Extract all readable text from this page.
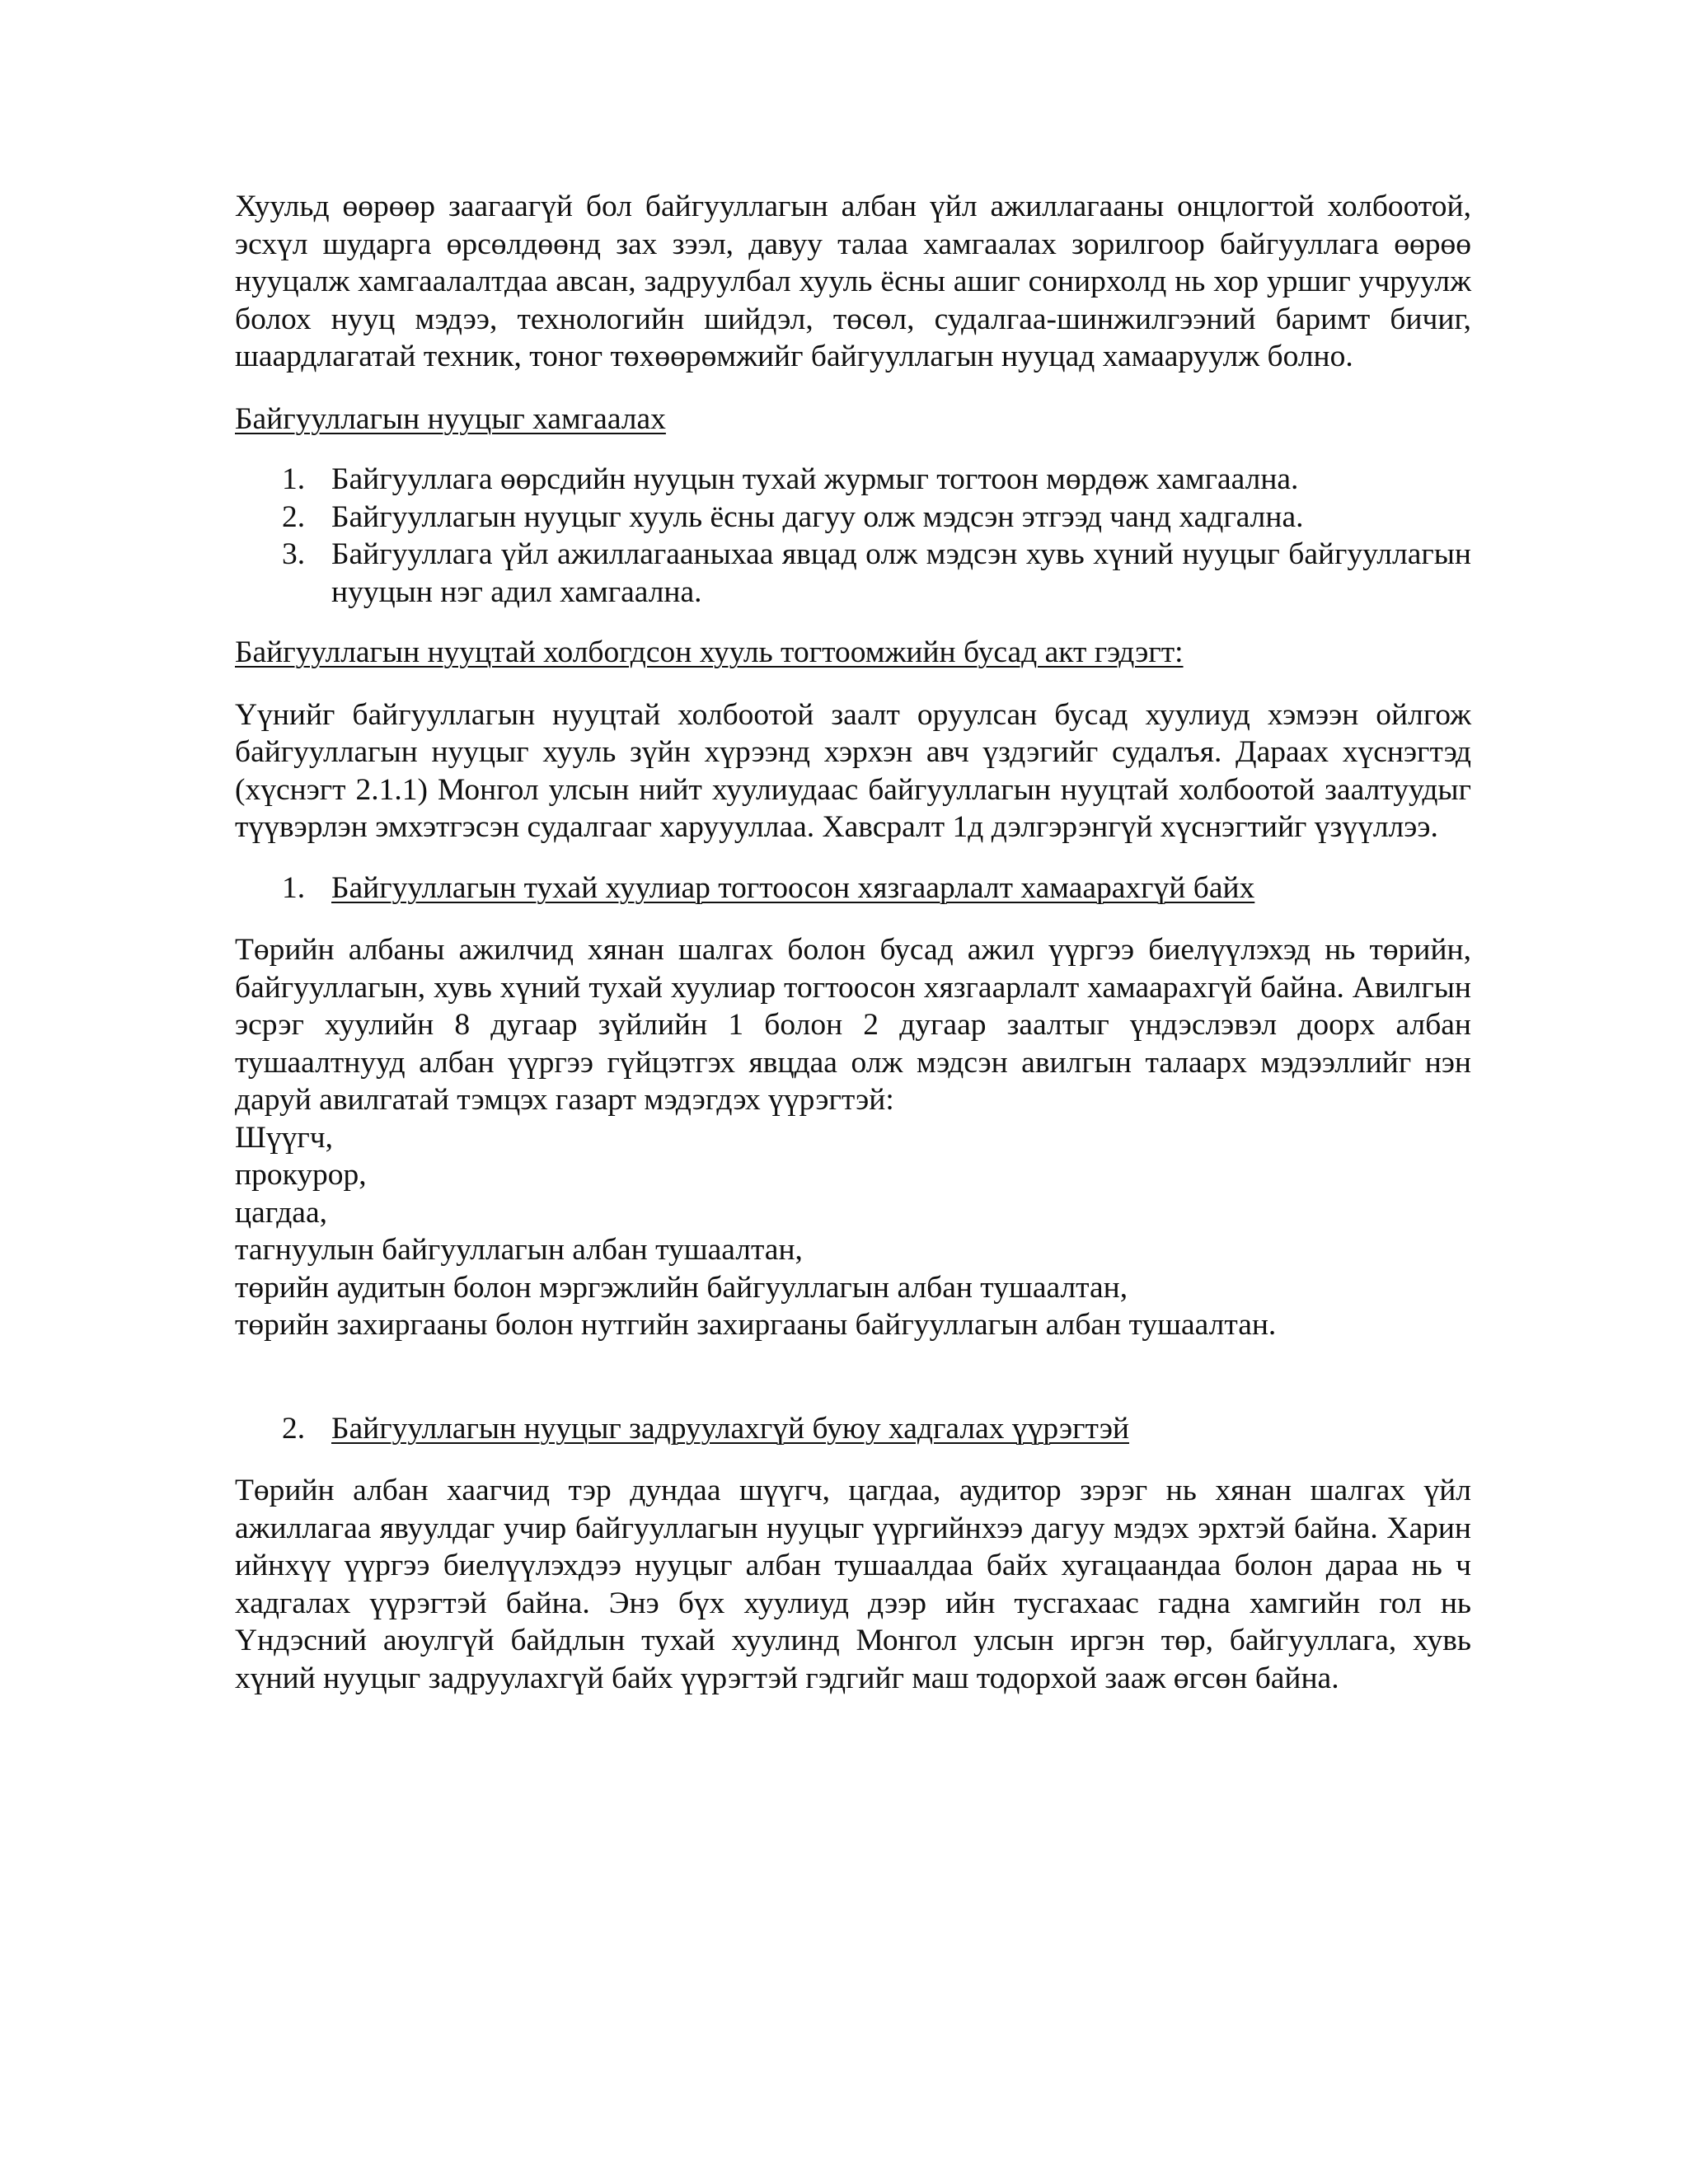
Хуульд өөрөөр заагаагүй бол байгууллагын албан үйл ажиллагааны онцлогтой холбоотой, эсхүл шударга өрсөлдөөнд зах зээл, давуу талаа хамгаалах зорилгоор байгууллага өөрөө нууцалж хамгаалалтдаа авсан, задруулбал хууль ёсны ашиг сонирхолд нь хор уршиг учруулж болох нууц мэдээ, технологийн шийдэл, төсөл, судалгаа-шинжилгээний баримт бичиг, шаардлагатай техник, тоног төхөөрөмжийг байгууллагын нууцад хамааруулж болно.

Байгууллагын нууцыг хамгаалах

1. Байгууллага өөрсдийн нууцын тухай журмыг тогтоон мөрдөж хамгаална.
2. Байгууллагын нууцыг хууль ёсны дагуу олж мэдсэн этгээд чанд хадгална.
3. Байгууллага үйл ажиллагааныхаа явцад олж мэдсэн хувь хүний нууцыг байгууллагын нууцын нэг адил хамгаална.

Байгууллагын нууцтай холбогдсон хууль тогтоомжийн бусад акт гэдэгт:

Үүнийг байгууллагын нууцтай холбоотой заалт оруулсан бусад хуулиуд хэмээн ойлгож байгууллагын нууцыг хууль зүйн хүрээнд хэрхэн авч үздэгийг судалъя. Дараах хүснэгтэд (хүснэгт 2.1.1) Монгол улсын нийт хуулиудаас байгууллагын нууцтай холбоотой заалтуудыг түүвэрлэн эмхэтгэсэн судалгааг харуууллаа. Хавсралт 1д дэлгэрэнгүй хүснэгтийг үзүүллээ.

1. Байгууллагын тухай хуулиар тогтоосон хязгаарлалт хамаарахгүй байх

Төрийн албаны ажилчид хянан шалгах болон бусад ажил үүргээ биелүүлэхэд нь төрийн, байгууллагын, хувь хүний тухай хуулиар тогтоосон хязгаарлалт хамаарахгүй байна. Авилгын эсрэг хуулийн 8 дугаар зүйлийн 1 болон 2 дугаар заалтыг үндэслэвэл доорх албан тушаалтнууд албан үүргээ гүйцэтгэх явцдаа олж мэдсэн авилгын талаарх мэдээллийг нэн даруй авилгатай тэмцэх газарт мэдэгдэх үүрэгтэй:

Шүүгч,

прокурор,

цагдаа,

тагнуулын байгууллагын албан тушаалтан,

төрийн аудитын болон мэргэжлийн байгууллагын албан тушаалтан,

төрийн захиргааны болон нутгийн захиргааны байгууллагын албан тушаалтан.

2. Байгууллагын нууцыг задруулахгүй буюу хадгалах үүрэгтэй

Төрийн албан хаагчид тэр дундаа шүүгч, цагдаа, аудитор зэрэг нь хянан шалгах үйл ажиллагаа явуулдаг учир байгууллагын нууцыг үүргийнхээ дагуу мэдэх эрхтэй байна. Харин ийнхүү үүргээ биелүүлэхдээ нууцыг албан тушаалдаа байх хугацаандаа болон дараа нь ч хадгалах үүрэгтэй байна. Энэ бүх хуулиуд дээр ийн тусгахаас гадна хамгийн гол нь Үндэсний аюулгүй байдлын тухай хуулинд Монгол улсын иргэн төр, байгууллага, хувь хүний нууцыг задруулахгүй байх үүрэгтэй гэдгийг маш тодорхой зааж өгсөн байна.
